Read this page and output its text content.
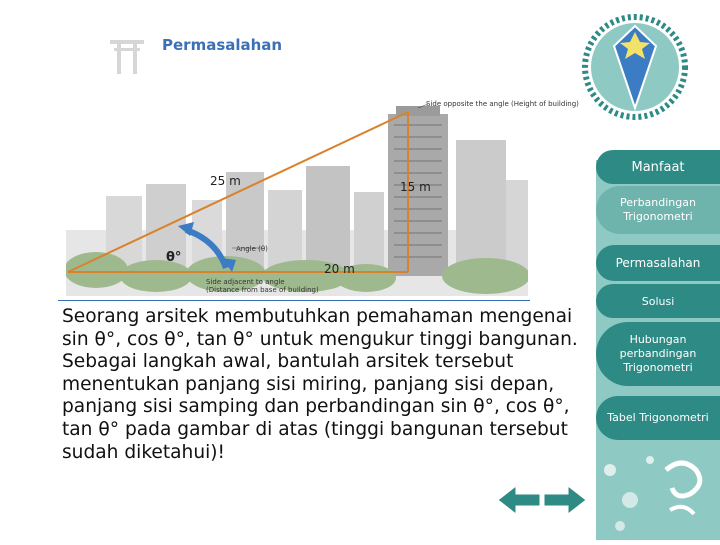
Permasalahan
Side opposite the angle (Height of building)
25 m	15 m
Angle (θ)
θ°
20 m
Side adjacent to angle
(Distance from base of building)
Seorang arsitek membutuhkan pemahaman mengenai sin θ°, cos θ°, tan θ° untuk mengukur tinggi bangunan. Sebagai langkah awal, bantulah arsitek tersebut menentukan panjang sisi miring, panjang sisi depan, panjang sisi samping dan perbandingan sin θ°, cos θ°, tan θ° pada gambar di atas (tinggi bangunan tersebut sudah diketahui)!
Manfaat
Perbandingan Trigonometri
Permasalahan
Solusi
Hubungan perbandingan Trigonometri
Tabel Trigonometri
